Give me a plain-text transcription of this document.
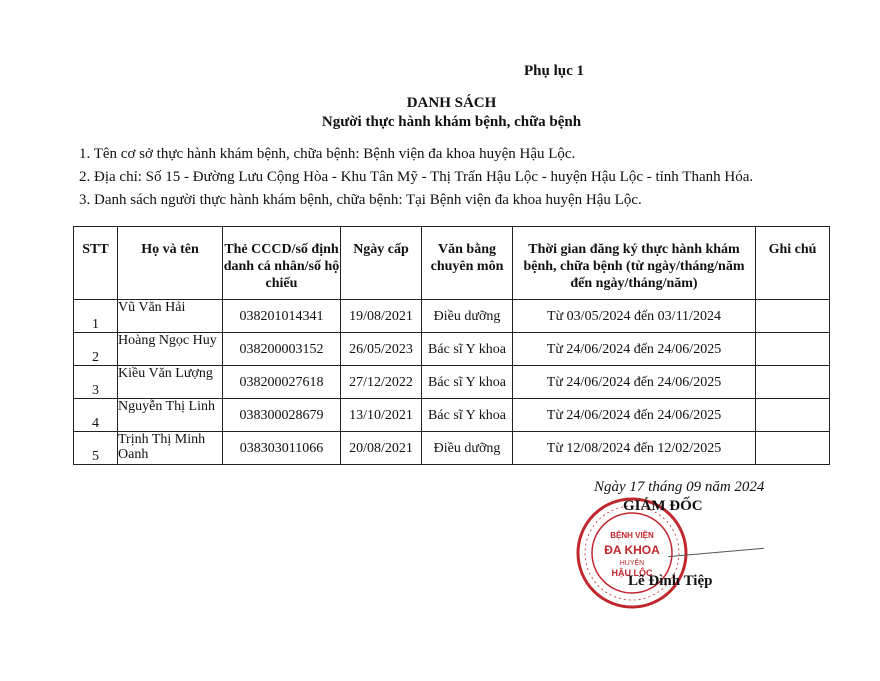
Phụ lục 1
DANH SÁCH
Người thực hành khám bệnh, chữa bệnh
1. Tên cơ sở thực hành khám bệnh, chữa bệnh: Bệnh viện đa khoa huyện Hậu Lộc.
2. Địa chỉ: Số 15 - Đường Lưu Cộng Hòa - Khu Tân Mỹ - Thị Trấn Hậu Lộc - huyện Hậu Lộc - tỉnh Thanh Hóa.
3. Danh sách người thực hành khám bệnh, chữa bệnh: Tại Bệnh viện đa khoa huyện Hậu Lộc.
STT	Họ và tên	Thẻ CCCD/số định danh cá nhân/số hộ chiếu	Ngày cấp	Văn bằng chuyên môn	Thời gian đăng ký thực hành khám bệnh, chữa bệnh (từ ngày/tháng/năm đến ngày/tháng/năm)	Ghi chú
1	Vũ Văn Hải	038201014341	19/08/2021	Điều dưỡng	Từ 03/05/2024 đến 03/11/2024	
2	Hoàng Ngọc Huy	038200003152	26/05/2023	Bác sĩ Y khoa	Từ 24/06/2024 đến 24/06/2025	
3	Kiều Văn Lượng	038200027618	27/12/2022	Bác sĩ Y khoa	Từ 24/06/2024 đến 24/06/2025	
4	Nguyễn Thị Linh	038300028679	13/10/2021	Bác sĩ Y khoa	Từ 24/06/2024 đến 24/06/2025	
5	Trịnh Thị Minh Oanh	038303011066	20/08/2021	Điều dưỡng	Từ 12/08/2024 đến 12/02/2025	
Ngày 17 tháng 09 năm 2024
BỆNH VIỆN
ĐA KHOA
HUYỆN
HẬU LỘC
GIÁM ĐỐC
Lê Đình Tiệp
